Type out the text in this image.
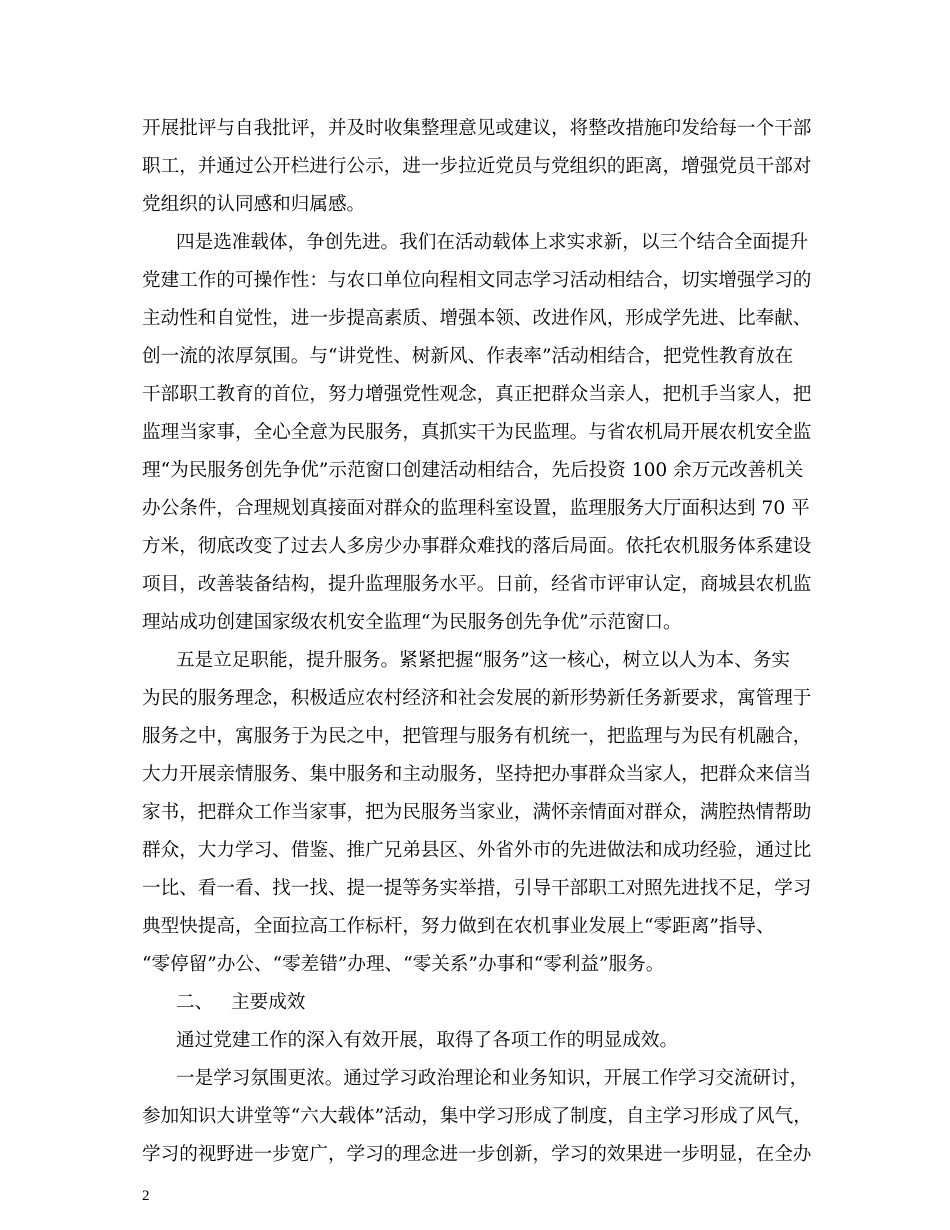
开展批评与自我批评，并及时收集整理意见或建议，将整改措施印发给每一个干部
职工，并通过公开栏进行公示，进一步拉近党员与党组织的距离，增强党员干部对
党组织的认同感和归属感。
四是选准载体，争创先进。我们在活动载体上求实求新，以三个结合全面提升
党建工作的可操作性：与农口单位向程相文同志学习活动相结合，切实增强学习的
主动性和自觉性，进一步提高素质、增强本领、改进作风，形成学先进、比奉献、
创一流的浓厚氛围。与“讲党性、树新风、作表率”活动相结合，把党性教育放在
干部职工教育的首位，努力增强党性观念，真正把群众当亲人，把机手当家人，把
监理当家事，全心全意为民服务，真抓实干为民监理。与省农机局开展农机安全监
理“为民服务创先争优”示范窗口创建活动相结合，先后投资 100 余万元改善机关
办公条件，合理规划真接面对群众的监理科室设置，监理服务大厅面积达到 70 平
方米，彻底改变了过去人多房少办事群众难找的落后局面。依托农机服务体系建设
项目，改善装备结构，提升监理服务水平。日前，经省市评审认定，商城县农机监
理站成功创建国家级农机安全监理“为民服务创先争优”示范窗口。
五是立足职能，提升服务。紧紧把握“服务”这一核心，树立以人为本、务实
为民的服务理念，积极适应农村经济和社会发展的新形势新任务新要求，寓管理于
服务之中，寓服务于为民之中，把管理与服务有机统一，把监理与为民有机融合，
大力开展亲情服务、集中服务和主动服务，坚持把办事群众当家人，把群众来信当
家书，把群众工作当家事，把为民服务当家业，满怀亲情面对群众，满腔热情帮助
群众，大力学习、借鉴、推广兄弟县区、外省外市的先进做法和成功经验，通过比
一比、看一看、找一找、提一提等务实举措，引导干部职工对照先进找不足，学习
典型快提高，全面拉高工作标杆，努力做到在农机事业发展上“零距离”指导、
“零停留”办公、“零差错”办理、“零关系”办事和“零利益”服务。
二、 主要成效
通过党建工作的深入有效开展，取得了各项工作的明显成效。
一是学习氛围更浓。通过学习政治理论和业务知识，开展工作学习交流研讨，
参加知识大讲堂等“六大载体”活动，集中学习形成了制度，自主学习形成了风气，
学习的视野进一步宽广，学习的理念进一步创新，学习的效果进一步明显，在全办
2
